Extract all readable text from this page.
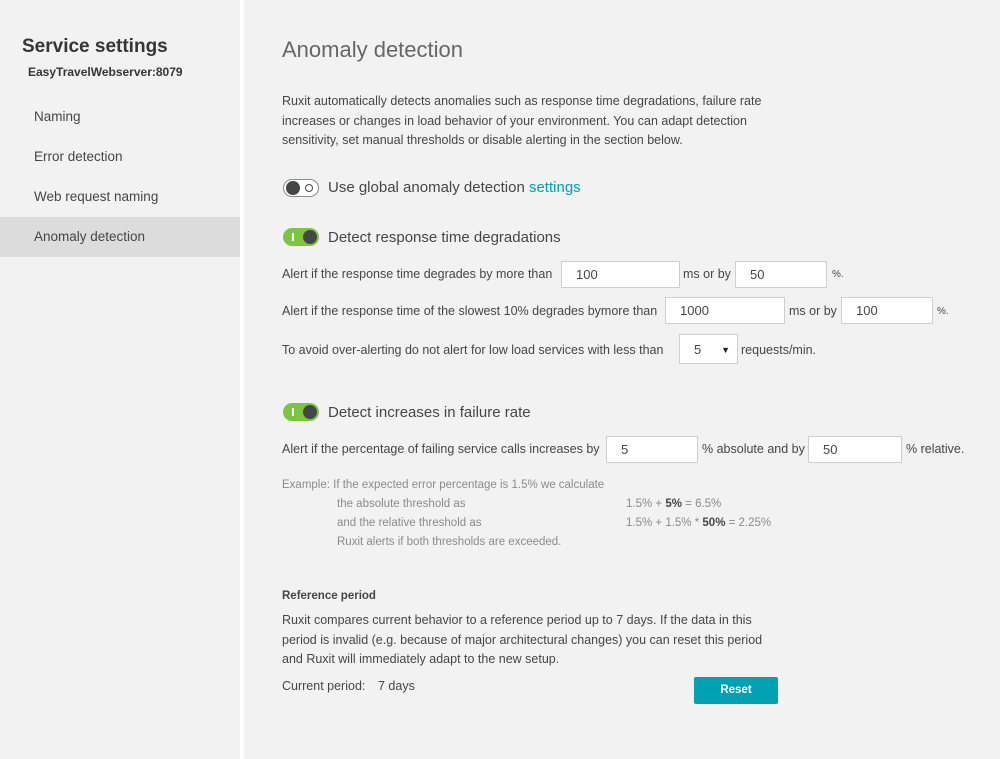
Service settings
EasyTravelWebserver:8079
Naming
Error detection
Web request naming
Anomaly detection
Anomaly detection
Ruxit automatically detects anomalies such as response time degradations, failure rate increases or changes in load behavior of your environment. You can adapt detection sensitivity, set manual thresholds or disable alerting in the section below.
Use global anomaly detection settings
Detect response time degradations
Alert if the response time degrades by more than	100	ms or by	50	%.
Alert if the response time of the slowest 10% degrades bymore than	1000	ms or by	100	%.
To avoid over-alerting do not alert for low load services with less than	5 ▼ requests/min.
Detect increases in failure rate
Alert if the percentage of failing service calls increases by	5	% absolute and by	50	% relative.
Example: If the expected error percentage is 1.5% we calculate
the absolute threshold as	1.5% + 5% = 6.5%
and the relative threshold as	1.5% + 1.5% * 50% = 2.25%
Ruxit alerts if both thresholds are exceeded.
Reference period
Ruxit compares current behavior to a reference period up to 7 days. If the data in this period is invalid (e.g. because of major architectural changes) you can reset this period and Ruxit will immediately adapt to the new setup.
Current period: 7 days	Reset
